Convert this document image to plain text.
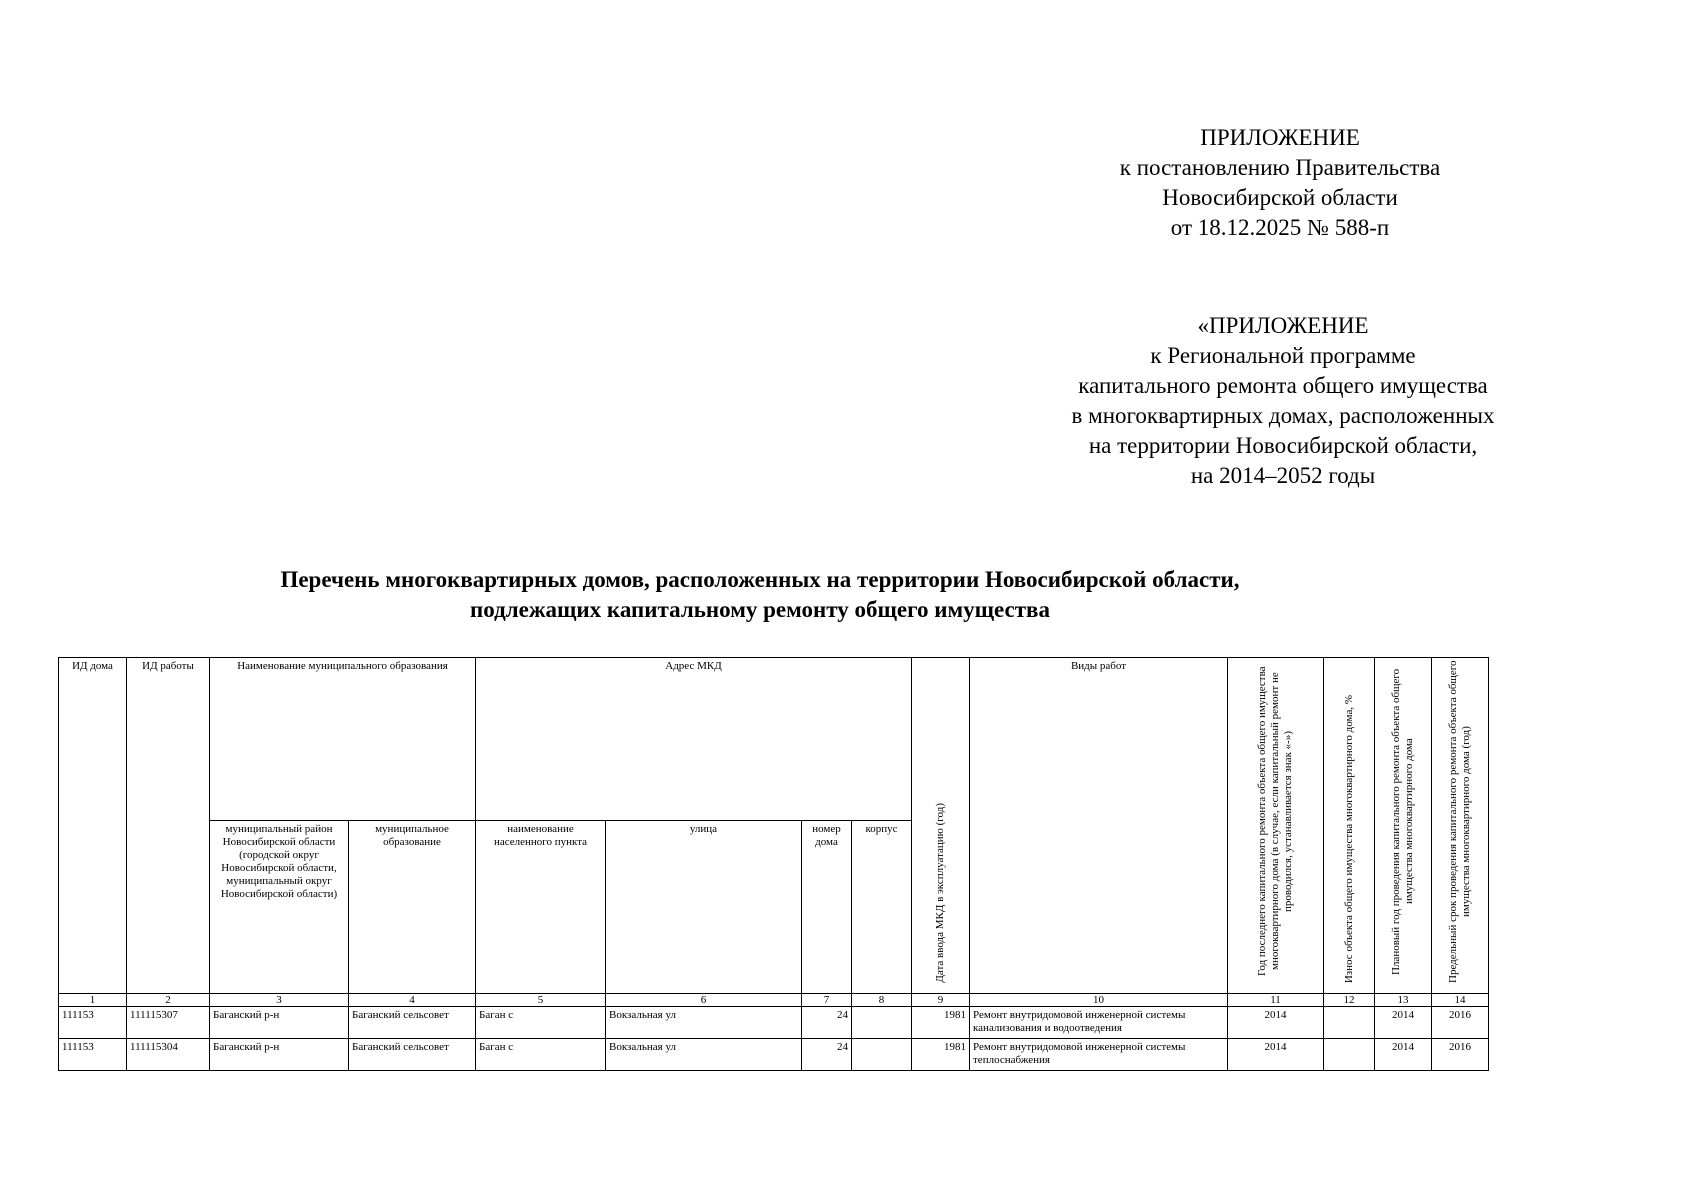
ПРИЛОЖЕНИЕ
к постановлению Правительства
Новосибирской области
от 18.12.2025 № 588-п
«ПРИЛОЖЕНИЕ
к Региональной программе
капитального ремонта общего имущества
в многоквартирных домах, расположенных
на территории Новосибирской области,
на 2014–2052 годы
Перечень многоквартирных домов, расположенных на территории Новосибирской области,
подлежащих капитальному ремонту общего имущества
ИД дома	ИД работы	Наименование муниципального образования		Адрес МКД				Дата ввода МКД в эксплуатацию (год)	Виды работ	Год последнего капитального ремонта объекта общего имущества многоквартирного дома (в случае, если капитальный ремонт не проводился, устанавливается знак «-»)	Износ объекта общего имущества многоквартирного дома, %	Плановый год проведения капитального ремонта объекта общего имущества многоквартирного дома	Предельный срок проведения капитального ремонта объекта общего имущества многоквартирного дома (год)
		муниципальный район Новосибирской области (городской округ Новосибирской области, муниципальный округ Новосибирской области)	муниципальное образование	наименование населенного пункта	улица	номер дома	корпус						
1	2	3	4	5	6	7	8	9	10	11	12	13	14
111153	111115307	Баганский р-н	Баганский сельсовет	Баган с	Вокзальная ул	24		1981	Ремонт внутридомовой инженерной системы канализования и водоотведения	2014		2014	2016
111153	111115304	Баганский р-н	Баганский сельсовет	Баган с	Вокзальная ул	24		1981	Ремонт внутридомовой инженерной системы теплоснабжения	2014		2014	2016
